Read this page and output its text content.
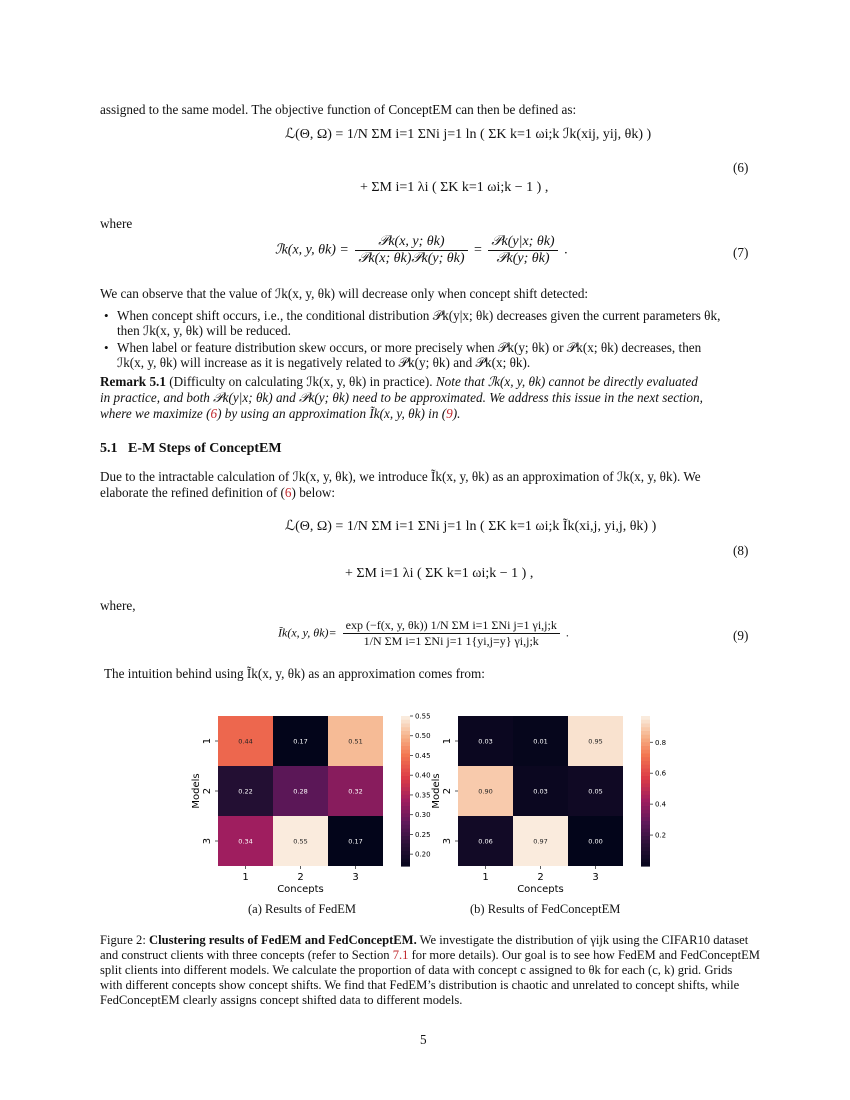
assigned to the same model. The objective function of ConceptEM can then be defined as:
ℒ(Θ, Ω) = 1/N ΣM i=1 ΣNi j=1 ln ( ΣK k=1 ωi;k ℐk(xij, yij, θk) )
+ ΣM i=1 λi ( ΣK k=1 ωi;k − 1 ) ,
(6)
where
ℐk(x, y, $\theta k) = \frac{\text{𝒫k(x, y; θk)}}{\text{𝒫k(x; θk)𝒫k(y; θk)}} = \frac{\text{𝒫k(y|x; θk)}}{\text{𝒫k(y; θk)}}$ .	(7)
We can observe that the value of ℐk(x, y, θk) will decrease only when concept shift detected:
• When concept shift occurs, i.e., the conditional distribution 𝒫k(y|x; θk) decreases given the current parameters θk,
then ℐk(x, y, θk) will be reduced.
• When label or feature distribution skew occurs, or more precisely when 𝒫k(y; θk) or 𝒫k(x; θk) decreases, then
ℐk(x, y, θk) will increase as it is negatively related to 𝒫k(y; θk) and 𝒫k(x; θk).
Remark 5.1 (Difficulty on calculating ℐk(x, y, θk) in practice). Note that ℐk(x, y, θk) cannot be directly evaluated
in practice, and both 𝒫k(y|x; θk) and 𝒫k(y; θk) need to be approximated. We address this issue in the next section,
where we maximize (6) by using an approximation Ĩk(x, y, θk) in (9).
5.1 E-M Steps of ConceptEM
Due to the intractable calculation of ℐk(x, y, θk), we introduce Ĩk(x, y, θk) as an approximation of ℐk(x, y, θk). We
elaborate the refined definition of (6) below:
ℒ(Θ, Ω) = 1/N ΣM i=1 ΣNi j=1 ln ( ΣK k=1 ωi;k Ĩk(xi,j, yi,j, θk) )
+ ΣM i=1 λi ( ΣK k=1 ωi;k − 1 ) ,
(8)
where,
Ĩk(x, y, $\theta k)= \frac{\text{exp (−f(x, y, θk)) 1/N ΣM i=1 ΣNi j=1 γi,j;k}}{\text{1/N ΣM i=1 ΣNi j=1 1\{yi,j=y\} γi,j;k}}$ .	(9)
The intuition behind using Ĩk(x, y, θk) as an approximation comes from:
0.44	0.17	0.51
0.22	0.28	0.32
0.34	0.55	0.17
1	2	3
1
2
3
Concepts
Models
0.55
0.50
0.45
0.40
0.35
0.30
0.25
0.20
(a) Results of FedEM
0.03	0.01	0.95
0.90	0.03	0.05
0.06	0.97	0.00
1	2	3
1
2
3
Concepts
Models
0.8
0.6
0.4
0.2
(b) Results of FedConceptEM
Figure 2: Clustering results of FedEM and FedConceptEM. We investigate the distribution of γijk using the CIFAR10 dataset
and construct clients with three concepts (refer to Section 7.1 for more details). Our goal is to see how FedEM and FedConceptEM
split clients into different models. We calculate the proportion of data with concept c assigned to θk for each (c, k) grid. Grids
with different concepts show concept shifts. We find that FedEM’s distribution is chaotic and unrelated to concept shifts, while
FedConceptEM clearly assigns concept shifted data to different models.
5
